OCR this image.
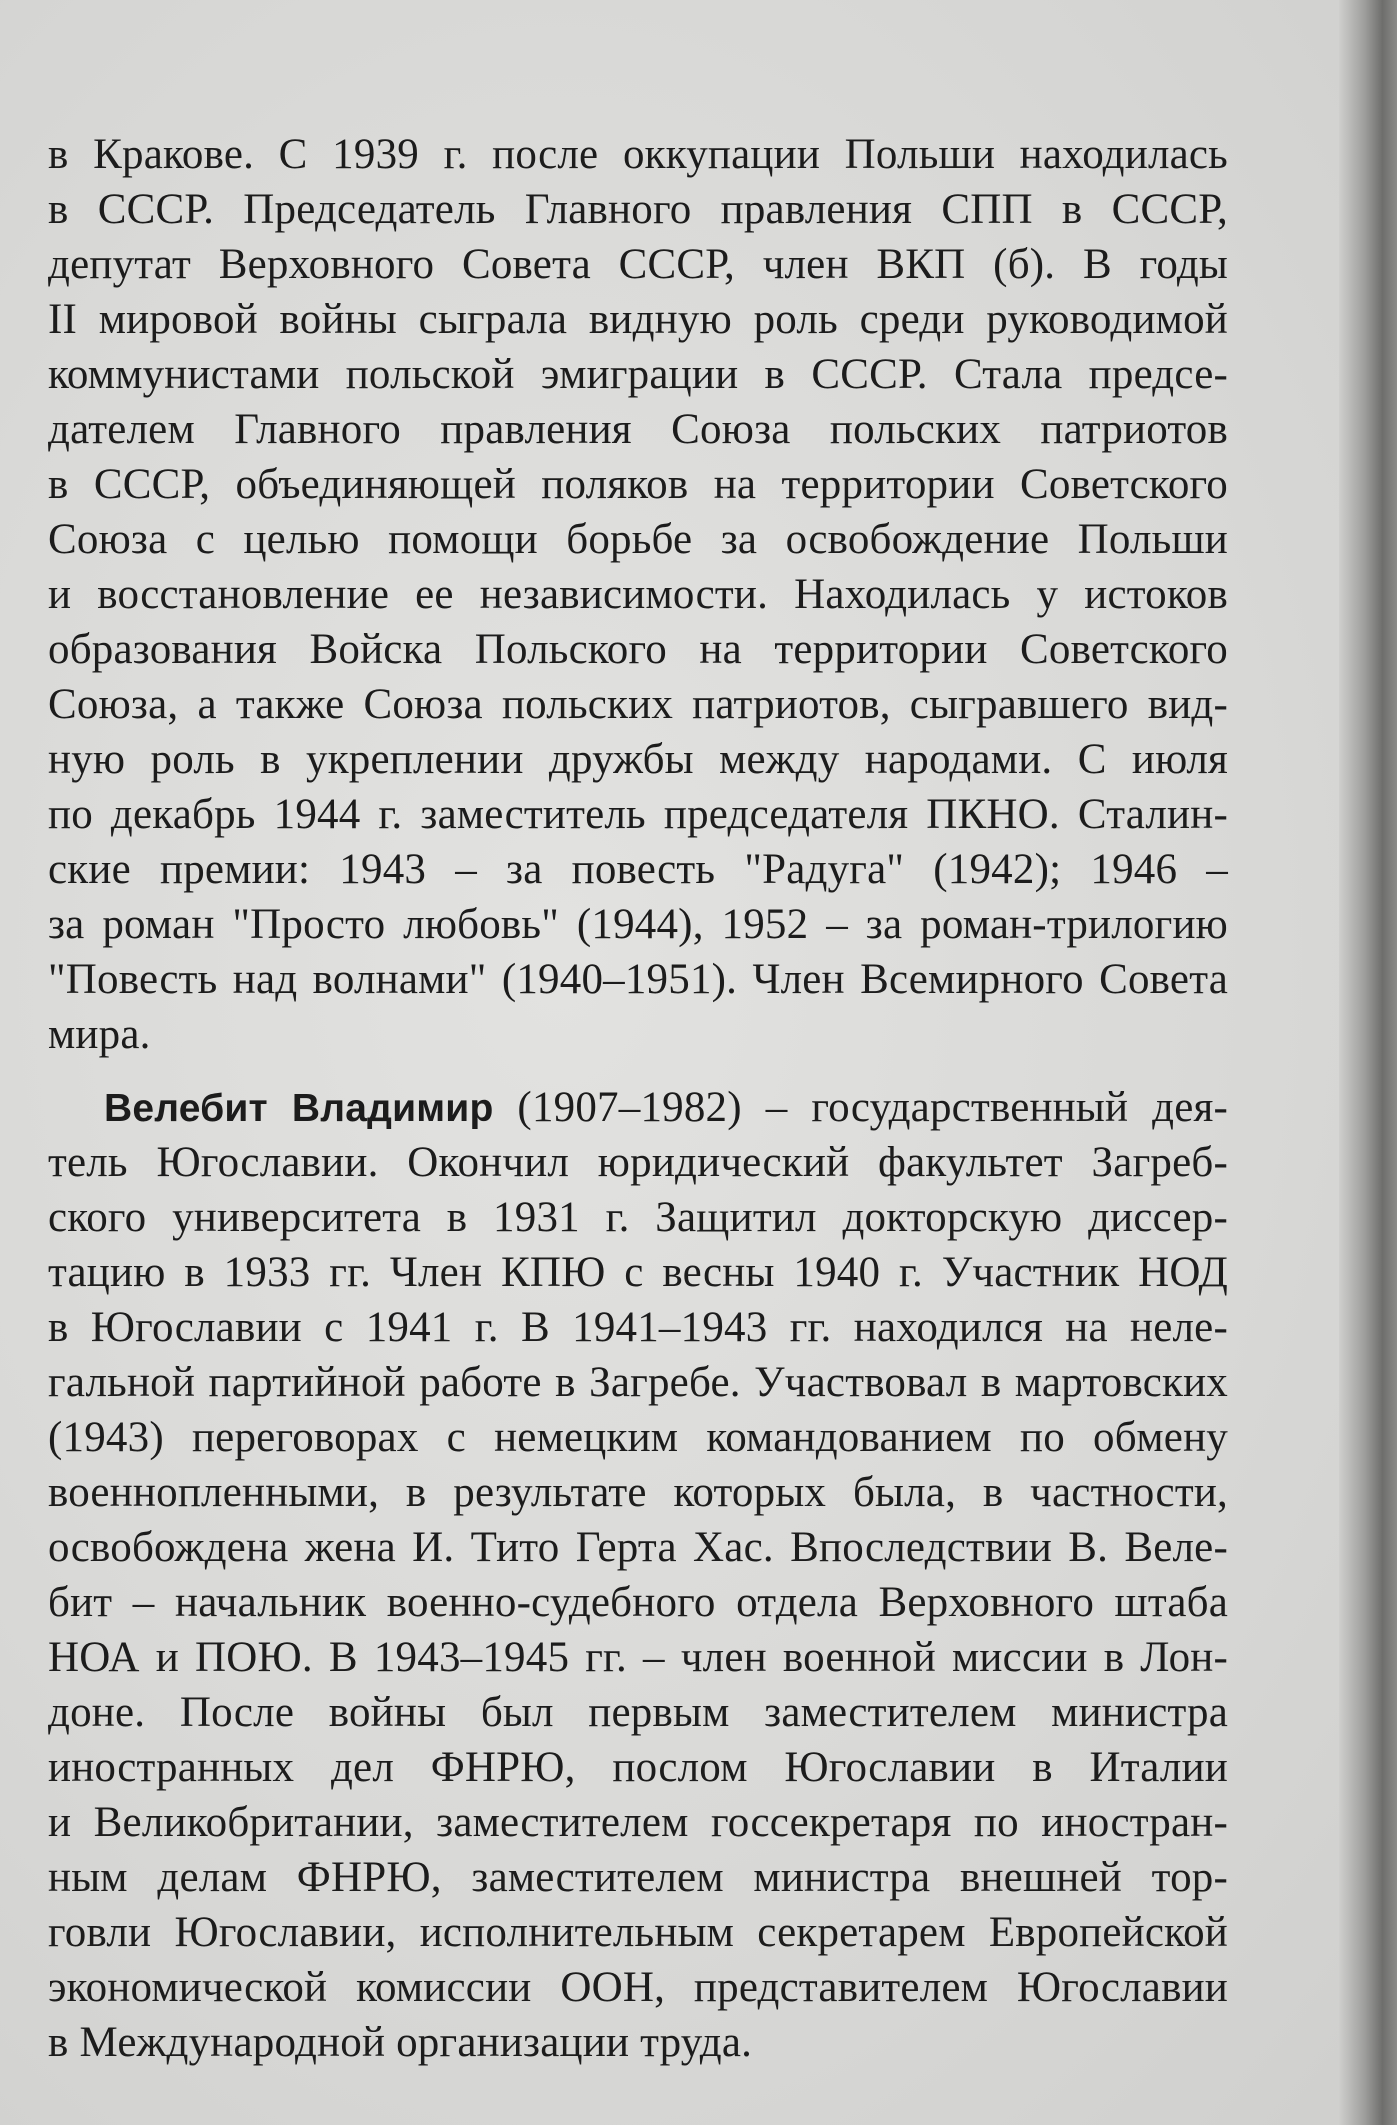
в Кракове. С 1939 г. после оккупации Польши находилась
в СССР. Председатель Главного правления СПП в СССР,
депутат Верховного Совета СССР, член ВКП (б). В годы
II мировой войны сыграла видную роль среди руководимой
коммунистами польской эмиграции в СССР. Стала предсе-
дателем Главного правления Союза польских патриотов
в СССР, объединяющей поляков на территории Советского
Союза с целью помощи борьбе за освобождение Польши
и восстановление ее независимости. Находилась у истоков
образования Войска Польского на территории Советского
Союза, а также Союза польских патриотов, сыгравшего вид-
ную роль в укреплении дружбы между народами. С июля
по декабрь 1944 г. заместитель председателя ПКНО. Сталин-
ские премии: 1943 – за повесть "Радуга" (1942); 1946 –
за роман "Просто любовь" (1944), 1952 – за роман-трилогию
"Повесть над волнами" (1940–1951). Член Всемирного Совета
мира.
Велебит Владимир (1907–1982) – государственный дея-
тель Югославии. Окончил юридический факультет Загреб-
ского университета в 1931 г. Защитил докторскую диссер-
тацию в 1933 гг. Член КПЮ с весны 1940 г. Участник НОД
в Югославии с 1941 г. В 1941–1943 гг. находился на неле-
гальной партийной работе в Загребе. Участвовал в мартовских
(1943) переговорах с немецким командованием по обмену
военнопленными, в результате которых была, в частности,
освобождена жена И. Тито Герта Хас. Впоследствии В. Веле-
бит – начальник военно-судебного отдела Верховного штаба
НОА и ПОЮ. В 1943–1945 гг. – член военной миссии в Лон-
доне. После войны был первым заместителем министра
иностранных дел ФНРЮ, послом Югославии в Италии
и Великобритании, заместителем госсекретаря по иностран-
ным делам ФНРЮ, заместителем министра внешней тор-
говли Югославии, исполнительным секретарем Европейской
экономической комиссии ООН, представителем Югославии
в Международной организации труда.
